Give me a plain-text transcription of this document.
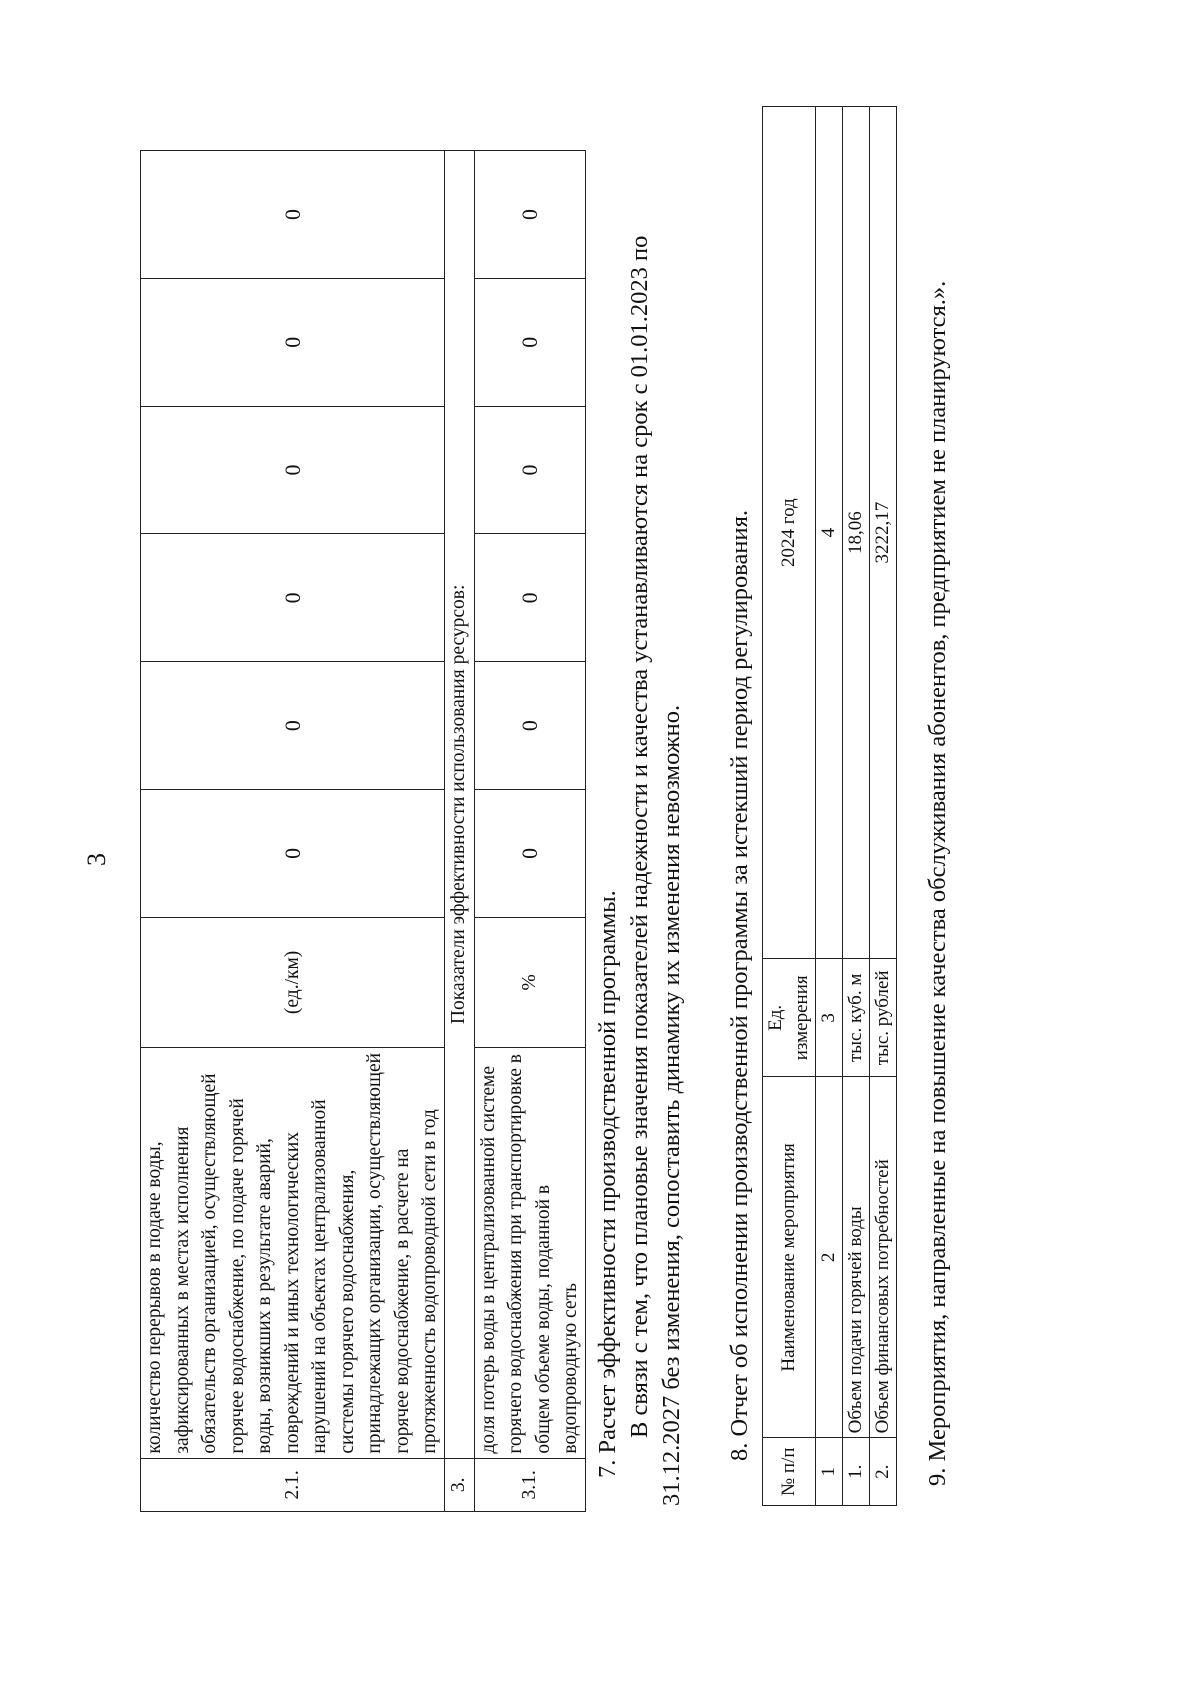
3
2.1.	количество перерывов в подаче воды, зафиксированных в местах исполнения обязательств организацией, осуществляющей горячее водоснабжение, по подаче горячей воды, возникших в результате аварий, повреждений и иных технологических нарушений на объектах централизованной системы горячего водоснабжения, принадлежащих организации, осуществляющей горячее водоснабжение, в расчете на протяженность водопроводной сети в год	(ед./км)	0	0	0	0	0	0
3.	Показатели эффективности использования ресурсов:							
3.1.	доля потерь воды в централизованной системе горячего водоснабжения при транспортировке в общем объеме воды, поданной в водопроводную сеть	%	0	0	0	0	0	0
7. Расчет эффективности производственной программы. В связи с тем, что плановые значения показателей надежности и качества устанавливаются на срок с 01.01.2023 по 31.12.2027 без изменения, сопоставить динамику их изменения невозможно. 8. Отчет об исполнении производственной программы за истекший период регулирования.
№ п/п	Наименование мероприятия	Ед. измерения	2024 год
1	2	3	4
1.	Объем подачи горячей воды	тыс. куб. м	18,06
2.	Объем финансовых потребностей	тыс. рублей	3222,17 9. Мероприятия, направленные на повышение качества обслуживания абонентов, предприятием не планируются.».
